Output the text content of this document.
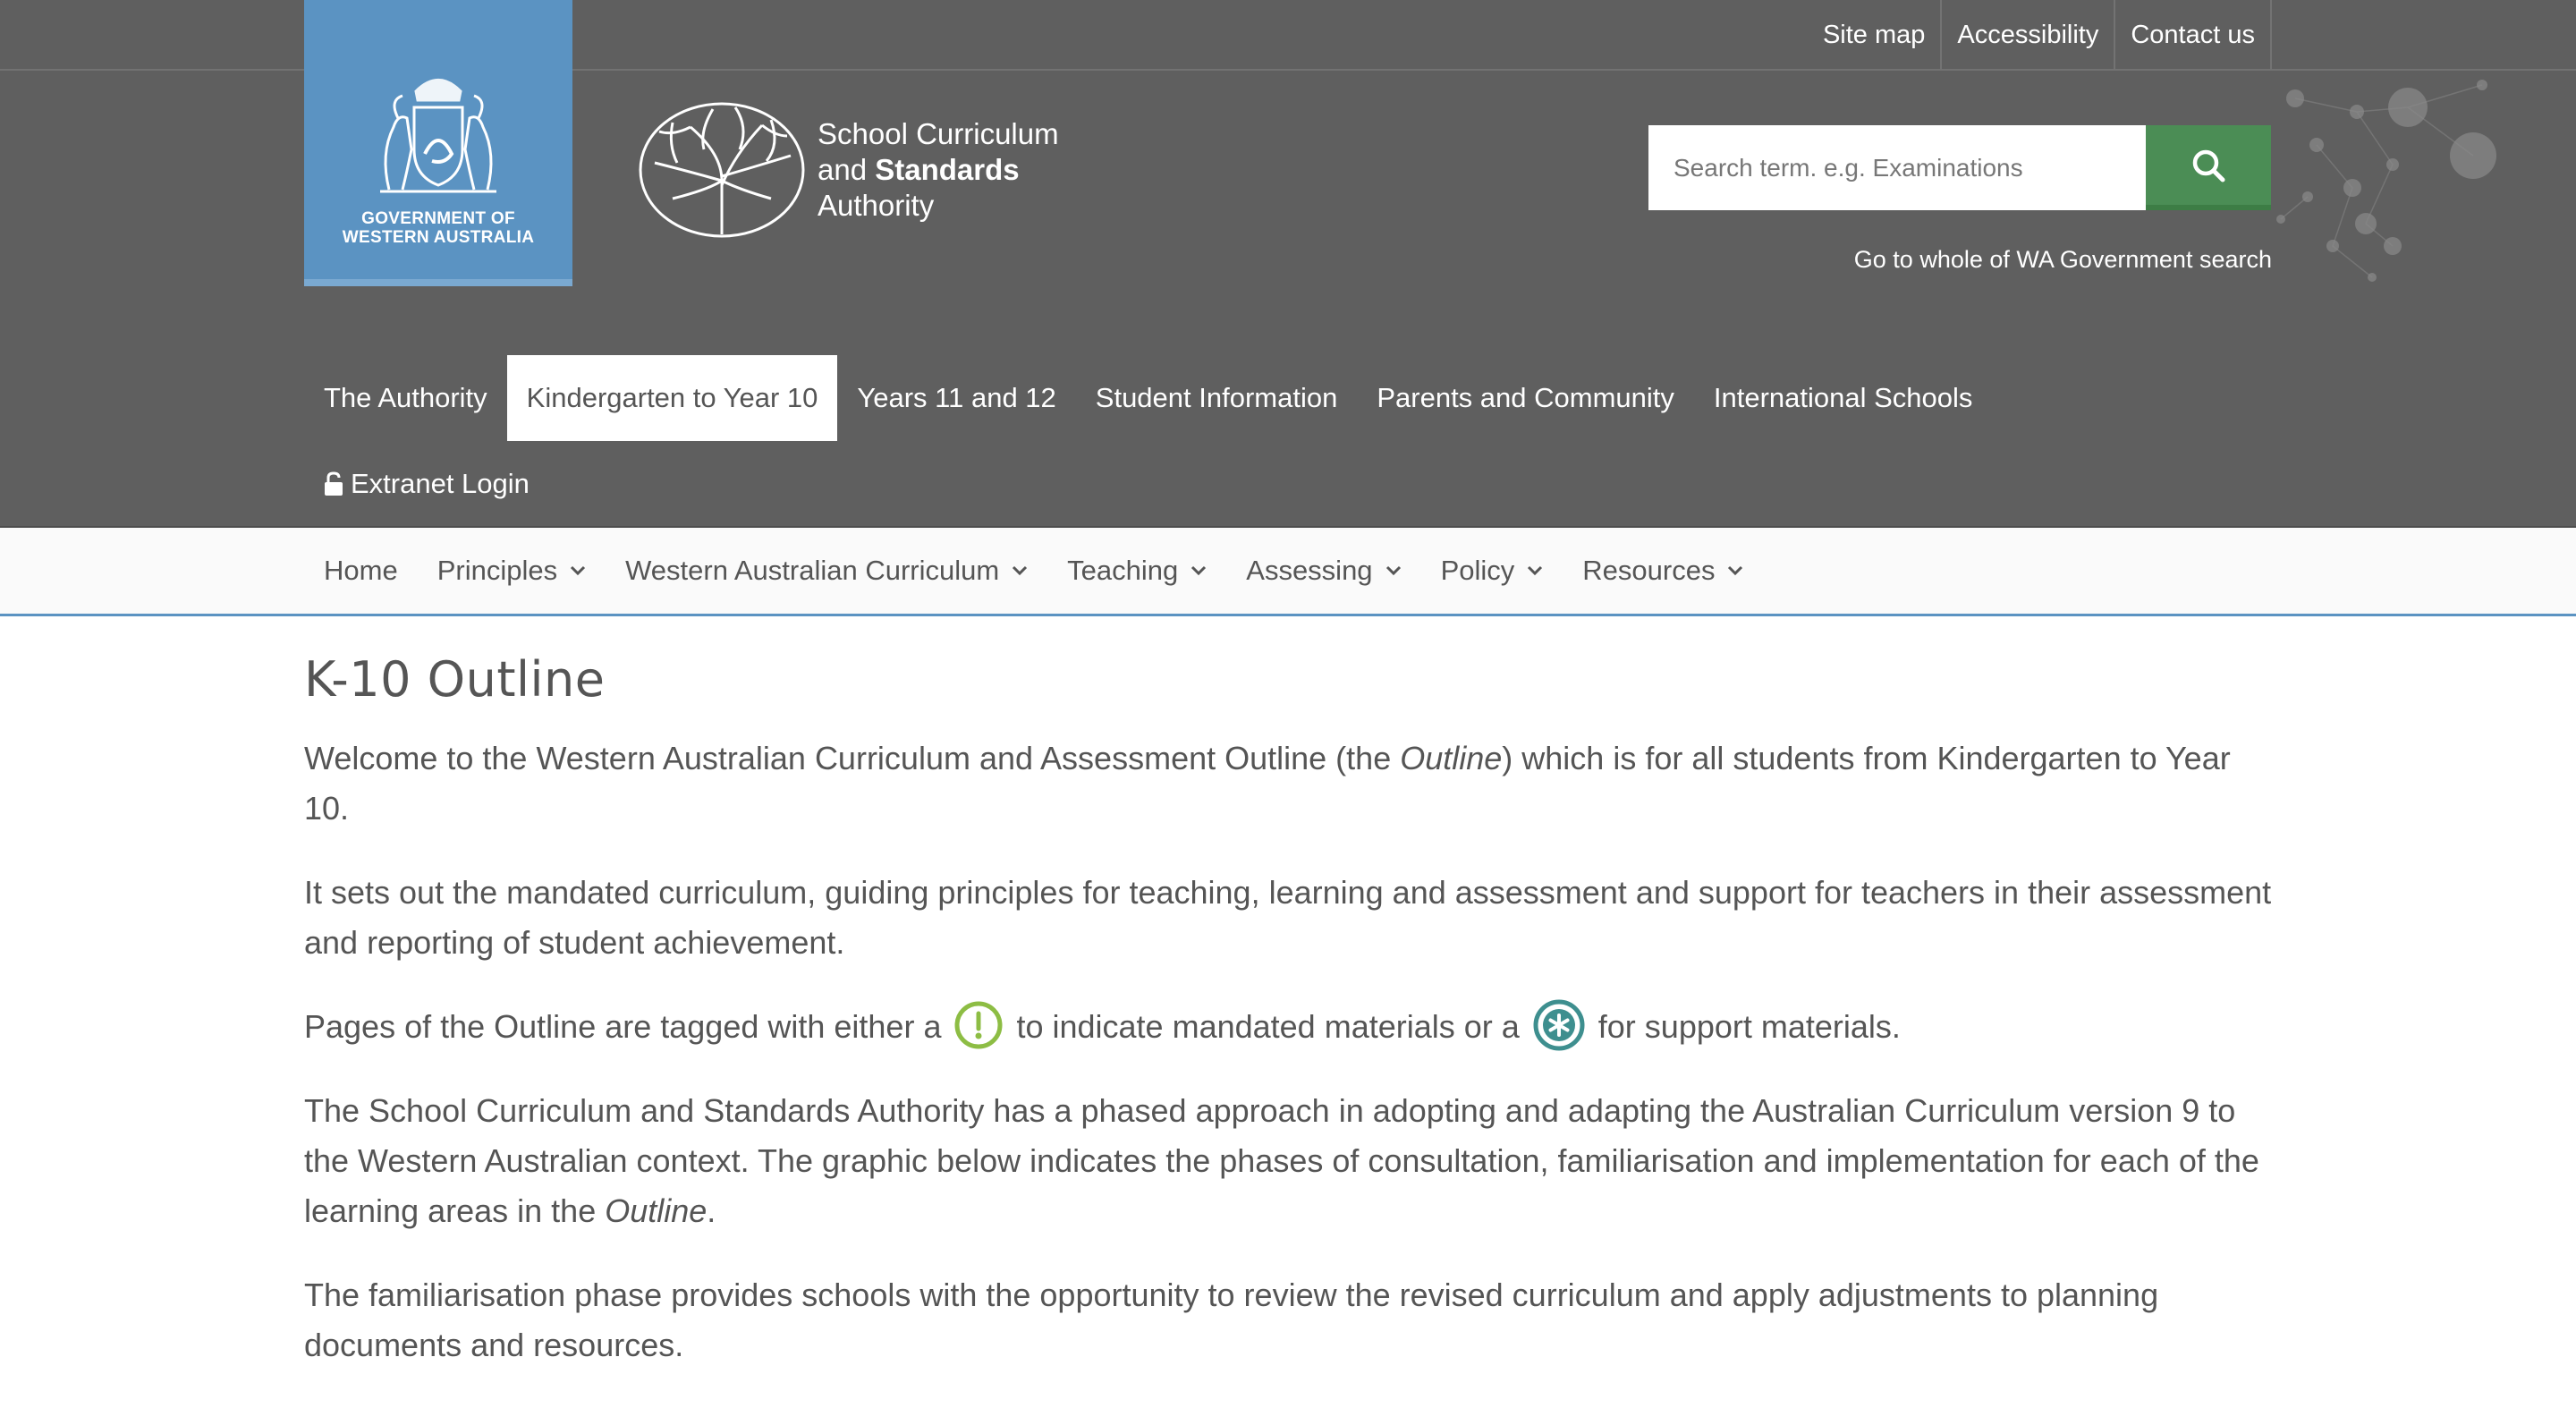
Site map	Accessibility	Contact us
GOVERNMENT OF
WESTERN AUSTRALIA
School Curriculum
and Standards
Authority
Search term. e.g. Examinations
Go to whole of WA Government search
The Authority	Kindergarten to Year 10	Years 11 and 12	Student Information	Parents and Community	International Schools
Extranet Login
Home Principles Western Australian Curriculum Teaching Assessing Policy Resources
K-10 Outline

Welcome to the Western Australian Curriculum and Assessment Outline (the Outline) which is for all students from Kindergarten to Year 10.

It sets out the mandated curriculum, guiding principles for teaching, learning and assessment and support for teachers in their assessment and reporting of student achievement.

Pages of the Outline are tagged with either a  to indicate mandated materials or a  for support materials.

The School Curriculum and Standards Authority has a phased approach in adopting and adapting the Australian Curriculum version 9 to the Western Australian context. The graphic below indicates the phases of consultation, familiarisation and implementation for each of the learning areas in the Outline.

The familiarisation phase provides schools with the opportunity to review the revised curriculum and apply adjustments to planning documents and resources.
